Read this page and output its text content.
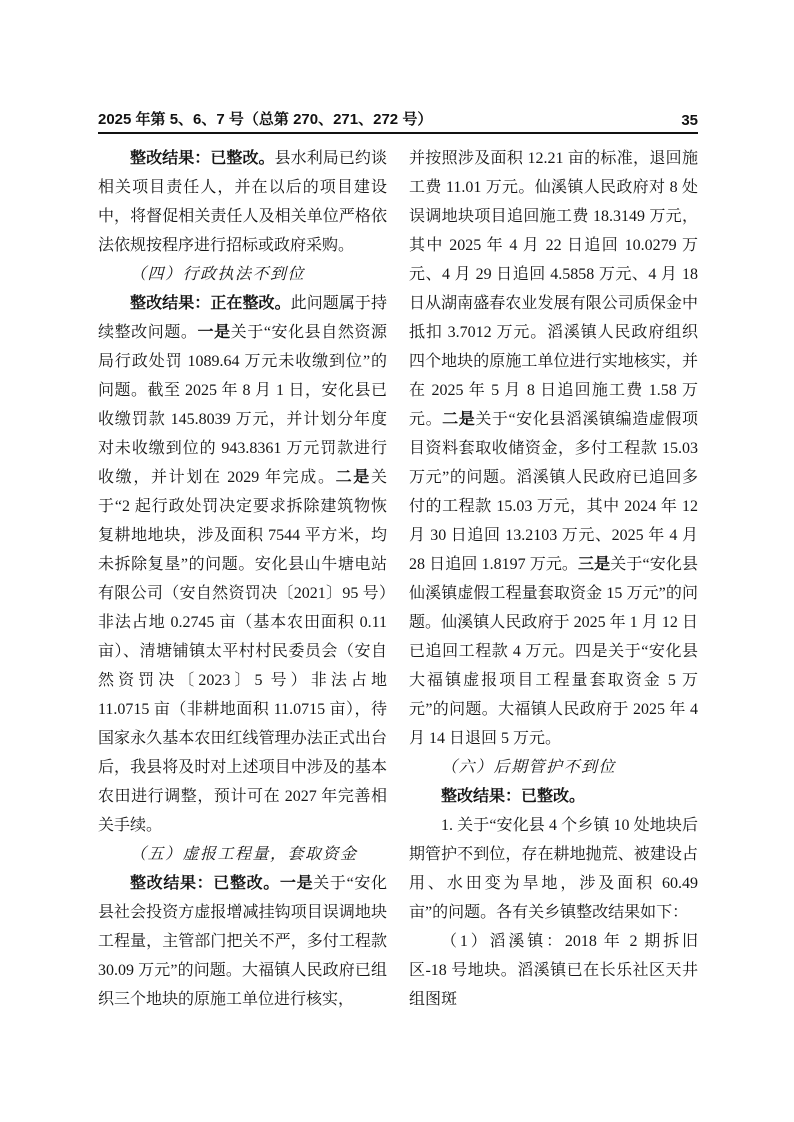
2025 年第 5、6、7 号（总第 270、271、272 号）	35

整改结果：已整改。县水利局已约谈相关项目责任人，并在以后的项目建设中，将督促相关责任人及相关单位严格依法依规按程序进行招标或政府采购。

（四）行政执法不到位

整改结果：正在整改。此问题属于持续整改问题。一是关于“安化县自然资源局行政处罚 1089.64 万元未收缴到位”的问题。截至 2025 年 8 月 1 日，安化县已收缴罚款 145.8039 万元，并计划分年度对未收缴到位的 943.8361 万元罚款进行收缴，并计划在 2029 年完成。二是关于“2 起行政处罚决定要求拆除建筑物恢复耕地地块，涉及面积 7544 平方米，均未拆除复垦”的问题。安化县山牛塘电站有限公司（安自然资罚决〔2021〕95 号）非法占地 0.2745 亩（基本农田面积 0.11 亩）、清塘铺镇太平村村民委员会（安自然资罚决〔2023〕5 号）非法占地 11.0715 亩（非耕地面积 11.0715 亩），待国家永久基本农田红线管理办法正式出台后，我县将及时对上述项目中涉及的基本农田进行调整，预计可在 2027 年完善相关手续。

（五）虚报工程量，套取资金

整改结果：已整改。一是关于“安化县社会投资方虚报增减挂钩项目误调地块工程量，主管部门把关不严，多付工程款 30.09 万元”的问题。大福镇人民政府已组织三个地块的原施工单位进行核实，

并按照涉及面积 12.21 亩的标准，退回施工费 11.01 万元。仙溪镇人民政府对 8 处误调地块项目追回施工费 18.3149 万元，其中 2025 年 4 月 22 日追回 10.0279 万元、4 月 29 日追回 4.5858 万元、4 月 18 日从湖南盛春农业发展有限公司质保金中抵扣 3.7012 万元。滔溪镇人民政府组织四个地块的原施工单位进行实地核实，并在 2025 年 5 月 8 日追回施工费 1.58 万元。二是关于“安化县滔溪镇编造虚假项目资料套取收储资金，多付工程款 15.03 万元”的问题。滔溪镇人民政府已追回多付的工程款 15.03 万元，其中 2024 年 12 月 30 日追回 13.2103 万元、2025 年 4 月 28 日追回 1.8197 万元。三是关于“安化县仙溪镇虚假工程量套取资金 15 万元”的问题。仙溪镇人民政府于 2025 年 1 月 12 日已追回工程款 4 万元。四是关于“安化县大福镇虚报项目工程量套取资金 5 万元”的问题。大福镇人民政府于 2025 年 4 月 14 日退回 5 万元。

（六）后期管护不到位

整改结果：已整改。

1. 关于“安化县 4 个乡镇 10 处地块后期管护不到位，存在耕地抛荒、被建设占用、水田变为旱地，涉及面积 60.49 亩”的问题。各有关乡镇整改结果如下：

（1）滔溪镇：2018 年 2 期拆旧区-18 号地块。滔溪镇已在长乐社区天井组图斑
